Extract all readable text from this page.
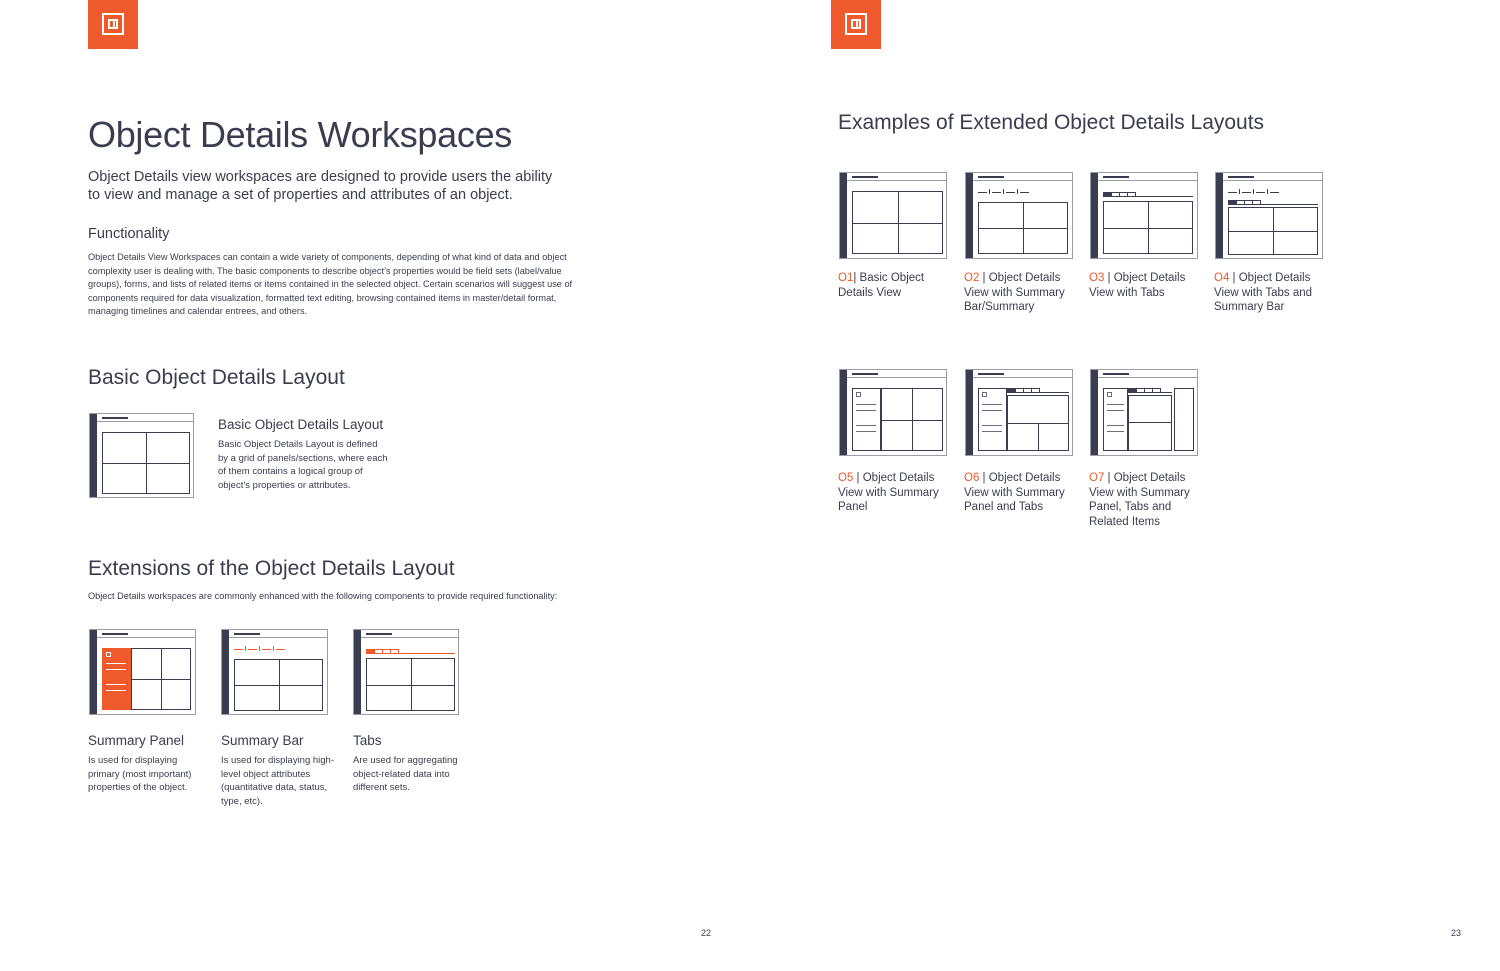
Object Details Workspaces

Object Details view workspaces are designed to provide users the ability to view and manage a set of properties and attributes of an object.

Functionality

Object Details View Workspaces can contain a wide variety of components, depending of what kind of data and object complexity user is dealing with. The basic components to describe object’s properties would be field sets (label/value groups), forms, and lists of related items or items contained in the selected object. Certain scenarios will suggest use of components required for data visualization, formatted text editing, browsing contained items in master/detail format, managing timelines and calendar entrees, and others.

Basic Object Details Layout
Basic Object Details Layout

Basic Object Details Layout is defined by a grid of panels/sections, where each of them contains a logical group of object’s properties or attributes.

Extensions of the Object Details Layout

Object Details workspaces are commonly enhanced with the following components to provide required functionality:

Summary Panel

Is used for displaying primary (most important) properties of the object.

Summary Bar

Is used for displaying high-level object attributes (quantitative data, status, type, etc).

Tabs

Are used for aggregating object-related data into different sets.

22
Examples of Extended Object Details Layouts
O1| Basic Object Details View
O2 | Object Details View with Summary Bar/Summary
O3 | Object Details View with Tabs
O4 | Object Details View with Tabs and Summary Bar
O5 | Object Details View with Summary Panel
O6 | Object Details View with Summary Panel and Tabs
O7 | Object Details View with Summary Panel, Tabs and Related Items
23
